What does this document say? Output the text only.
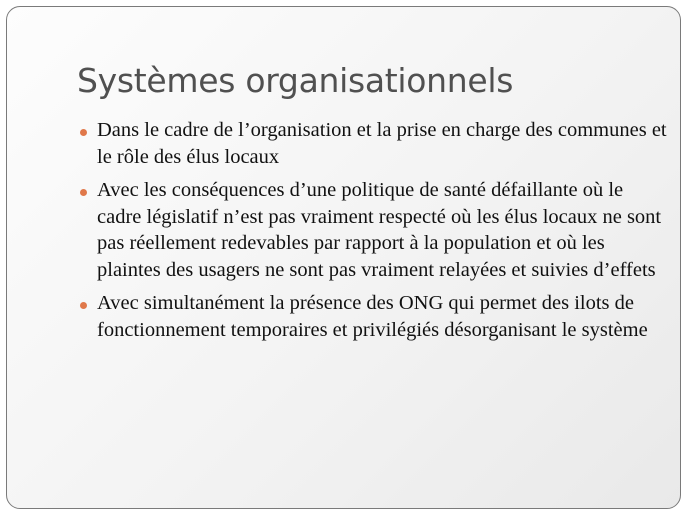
Systèmes organisationnels
Dans le cadre de l’organisation et la prise en charge des communes et le rôle des élus locaux
Avec les conséquences d’une politique de santé défaillante où le cadre législatif n’est pas vraiment respecté où les élus locaux ne sont pas réellement redevables par rapport à la population et où les plaintes des usagers ne sont pas vraiment relayées et suivies d’effets
Avec simultanément la présence des ONG qui permet des ilots de fonctionnement temporaires et privilégiés désorganisant le système
